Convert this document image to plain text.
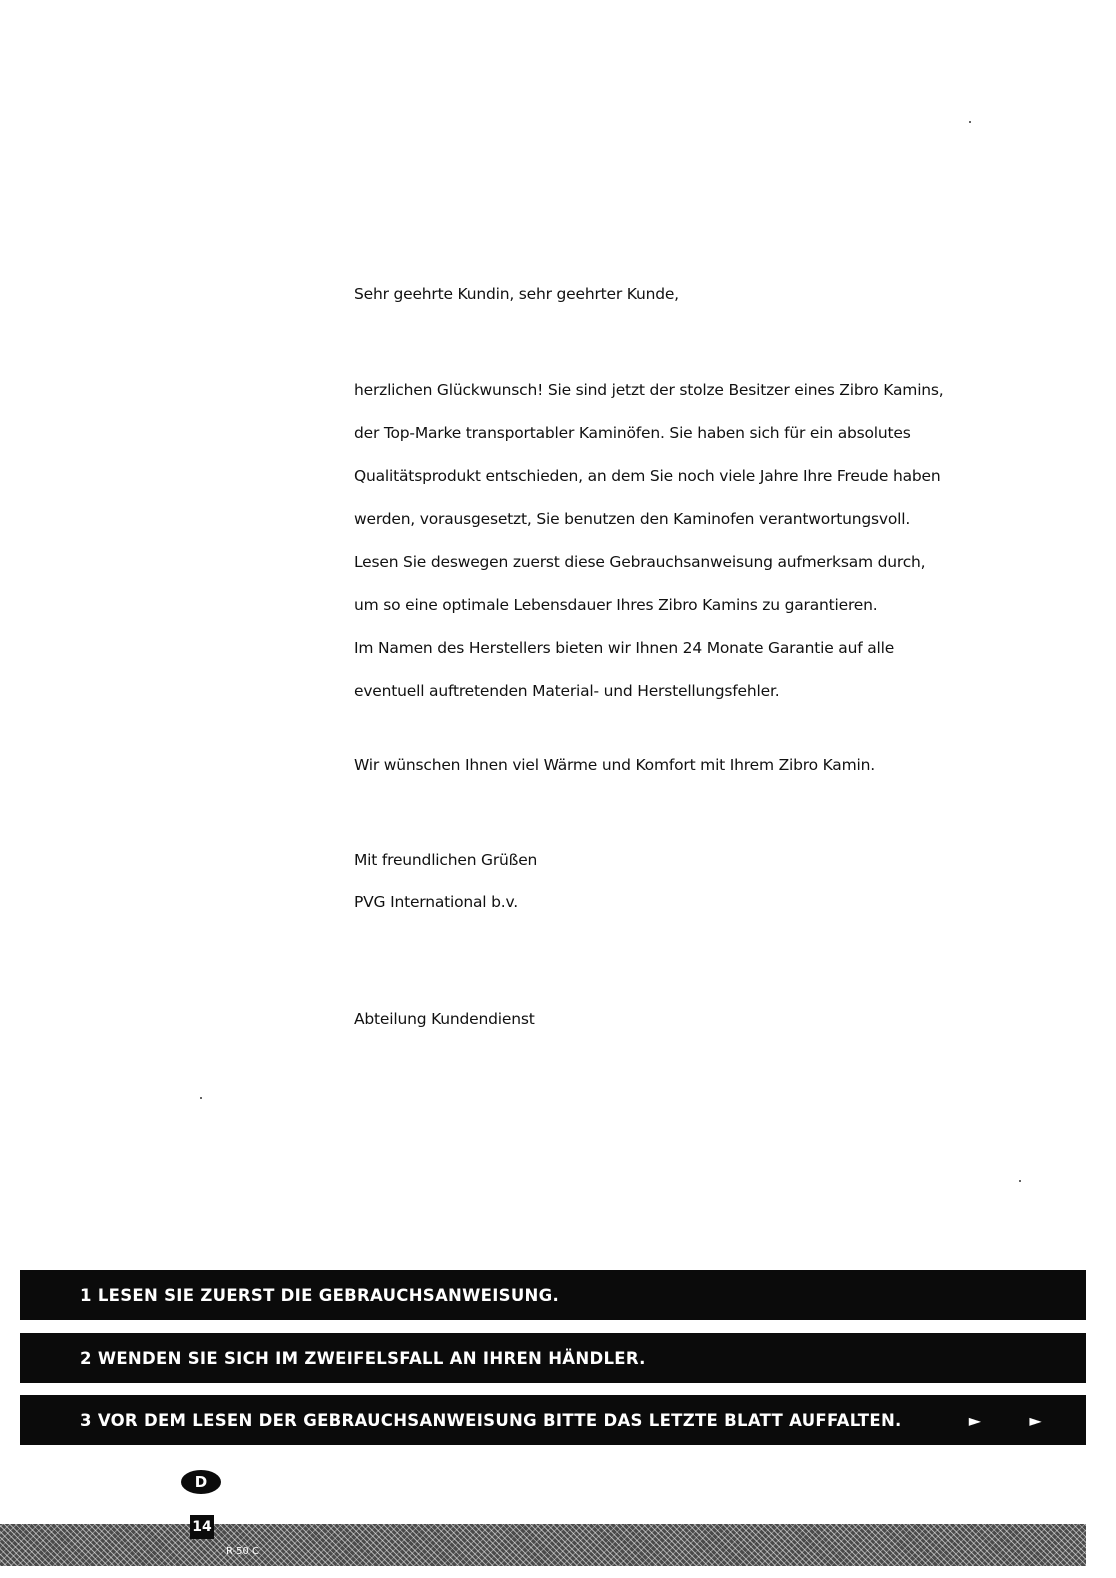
Sehr geehrte Kundin, sehr geehrter Kunde,

herzlichen Glückwunsch! Sie sind jetzt der stolze Besitzer eines Zibro Kamins,
der Top-Marke transportabler Kaminöfen. Sie haben sich für ein absolutes
Qualitätsprodukt entschieden, an dem Sie noch viele Jahre Ihre Freude haben
werden, vorausgesetzt, Sie benutzen den Kaminofen verantwortungsvoll.
Lesen Sie deswegen zuerst diese Gebrauchsanweisung aufmerksam durch,
um so eine optimale Lebensdauer Ihres Zibro Kamins zu garantieren.
Im Namen des Herstellers bieten wir Ihnen 24 Monate Garantie auf alle
eventuell auftretenden Material- und Herstellungsfehler.

Wir wünschen Ihnen viel Wärme und Komfort mit Ihrem Zibro Kamin.

Mit freundlichen Grüßen
PVG International b.v.

Abteilung Kundendienst

1 LESEN SIE ZUERST DIE GEBRAUCHSANWEISUNG.
2 WENDEN SIE SICH IM ZWEIFELSFALL AN IHREN HÄNDLER.
3 VOR DEM LESEN DER GEBRAUCHSANWEISUNG BITTE DAS LETZTE BLATT AUFFALTEN.	►	►
D
14
R-50 C
